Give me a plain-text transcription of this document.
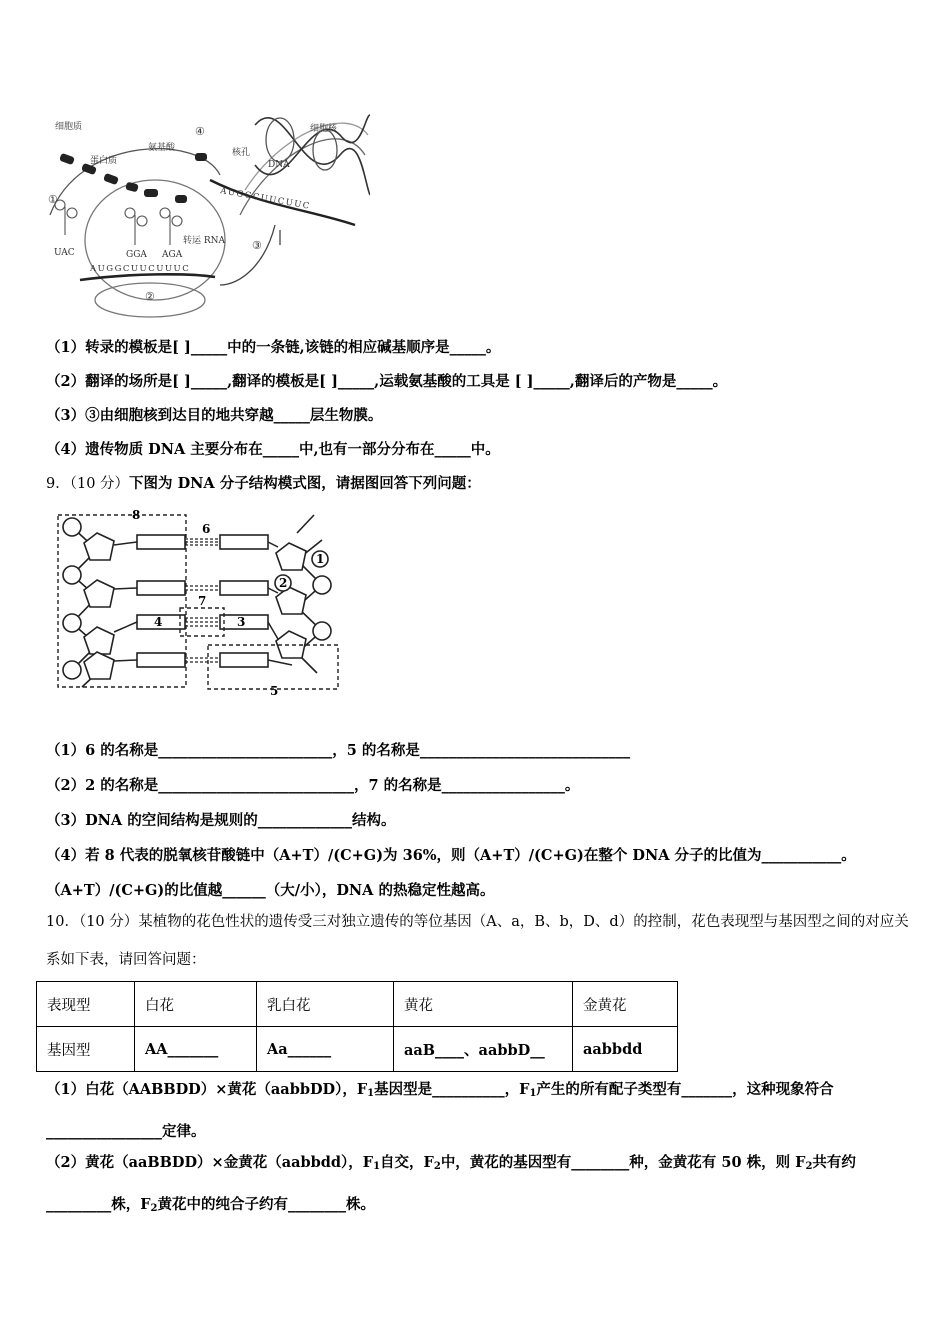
细胞质
蛋白质
氨基酸
细胞核
核孔
DNA
转运 RNA
UAC	GGA AGA
AUGGCUUCUUC
AUGGCUUCUUUC
①
②
③
④
（1）转录的模板是[ ]_____中的一条链,该链的相应碱基顺序是_____。
（2）翻译的场所是[ ]_____,翻译的模板是[ ]_____,运载氨基酸的工具是 [ ]_____,翻译后的产物是_____。
（3）③由细胞核到达目的地共穿越_____层生物膜。
（4）遗传物质 DNA 主要分布在_____中,也有一部分分布在_____中。
9．（10 分）下图为 DNA 分子结构模式图，请据图回答下列问题：
1
2
3
4
5
6
7
8
（1）6 的名称是________________________，5 的名称是_____________________________
（2）2 的名称是___________________________，7 的名称是_________________。
（3）DNA 的空间结构是规则的_____________结构。
（4）若 8 代表的脱氧核苷酸链中（A+T）/(C+G)为 36%，则（A+T）/(C+G)在整个 DNA 分子的比值为___________。
（A+T）/(C+G)的比值越______（大/小），DNA 的热稳定性越高。
10．（10 分）某植物的花色性状的遗传受三对独立遗传的等位基因（A、a，B、b，D、d）的控制，花色表现型与基因型之间的对应关系如下表，请回答问题：
表现型	白花	乳白花	黄花	金黄花
基因型	AA_______	Aa______	aaB____、aabbD__	aabbdd
（1）白花（AABBDD）×黄花（aabbDD），$F_1$基因型是__________，$F_1$产生的所有配子类型有_______，这种现象符合________________定律。
（2）黄花（aaBBDD）×金黄花（aabbdd），$F_1$自交，$F_2$中，黄花的基因型有________种，金黄花有 50 株，则 $F_2$共有约_________株，$F_2$黄花中的纯合子约有________株。
